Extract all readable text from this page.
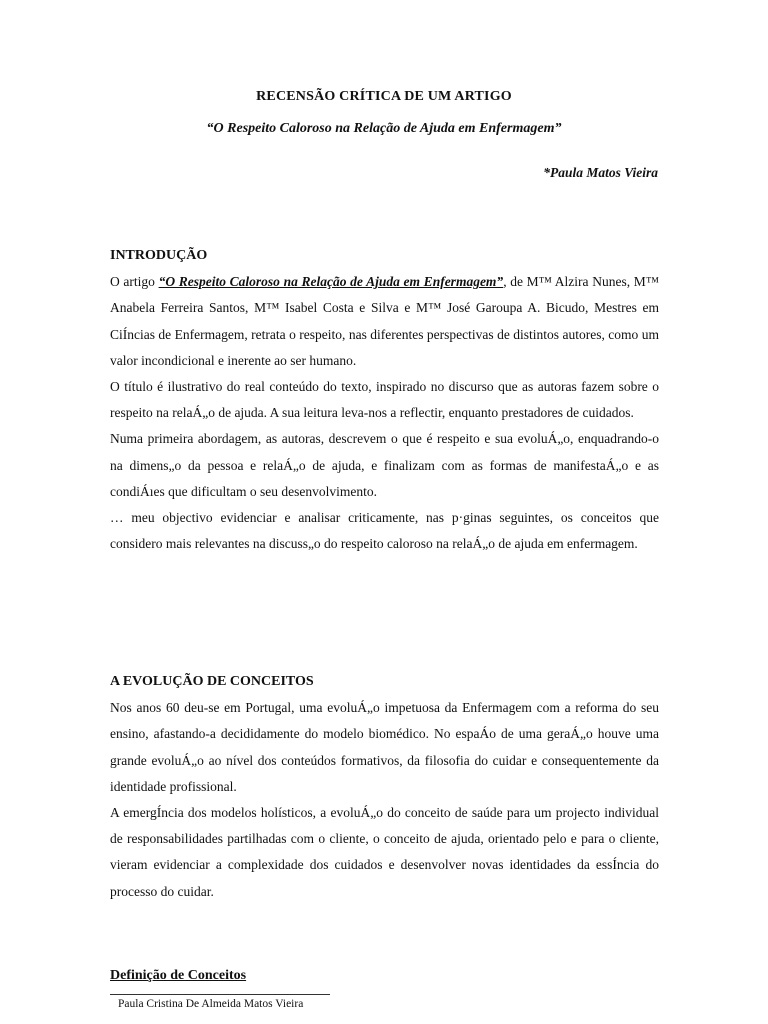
RECENSÃO CRÍTICA DE UM ARTIGO
“O Respeito Caloroso na Relação de Ajuda em Enfermagem”
*Paula Matos Vieira
INTRODUÇÃO

O artigo “O Respeito Caloroso na Relação de Ajuda em Enfermagem”, de M™ Alzira Nunes, M™ Anabela Ferreira Santos, M™ Isabel Costa e Silva e M™ José Garoupa A. Bicudo, Mestres em CiÍncias de Enfermagem, retrata o respeito, nas diferentes perspectivas de distintos autores, como um valor incondicional e inerente ao ser humano.

O título é ilustrativo do real conteúdo do texto, inspirado no discurso que as autoras fazem sobre o respeito na relaÁ„o de ajuda. A sua leitura leva-nos a reflectir, enquanto prestadores de cuidados.

Numa primeira abordagem, as autoras, descrevem o que é respeito e sua evoluÁ„o, enquadrando-o na dimens„o da pessoa e relaÁ„o de ajuda, e finalizam com as formas de manifestaÁ„o e as condiÁıes que dificultam o seu desenvolvimento.

… meu objectivo evidenciar e analisar criticamente, nas p·ginas seguintes, os conceitos que considero mais relevantes na discuss„o do respeito caloroso na relaÁ„o de ajuda em enfermagem.

A EVOLUÇÃO DE CONCEITOS

Nos anos 60 deu-se em Portugal, uma evoluÁ„o impetuosa da Enfermagem com a reforma do seu ensino, afastando-a decididamente do modelo biomédico. No espaÁo de uma geraÁ„o houve uma grande evoluÁ„o ao nível dos conteúdos formativos, da filosofia do cuidar e consequentemente da identidade profissional.

A emergÍncia dos modelos holísticos, a evoluÁ„o do conceito de saúde para um projecto individual de responsabilidades partilhadas com o cliente, o conceito de ajuda, orientado pelo e para o cliente, vieram evidenciar a complexidade dos cuidados e desenvolver novas identidades da essÍncia do processo do cuidar.

Definição de Conceitos
Paula Cristina De Almeida Matos Vieira
